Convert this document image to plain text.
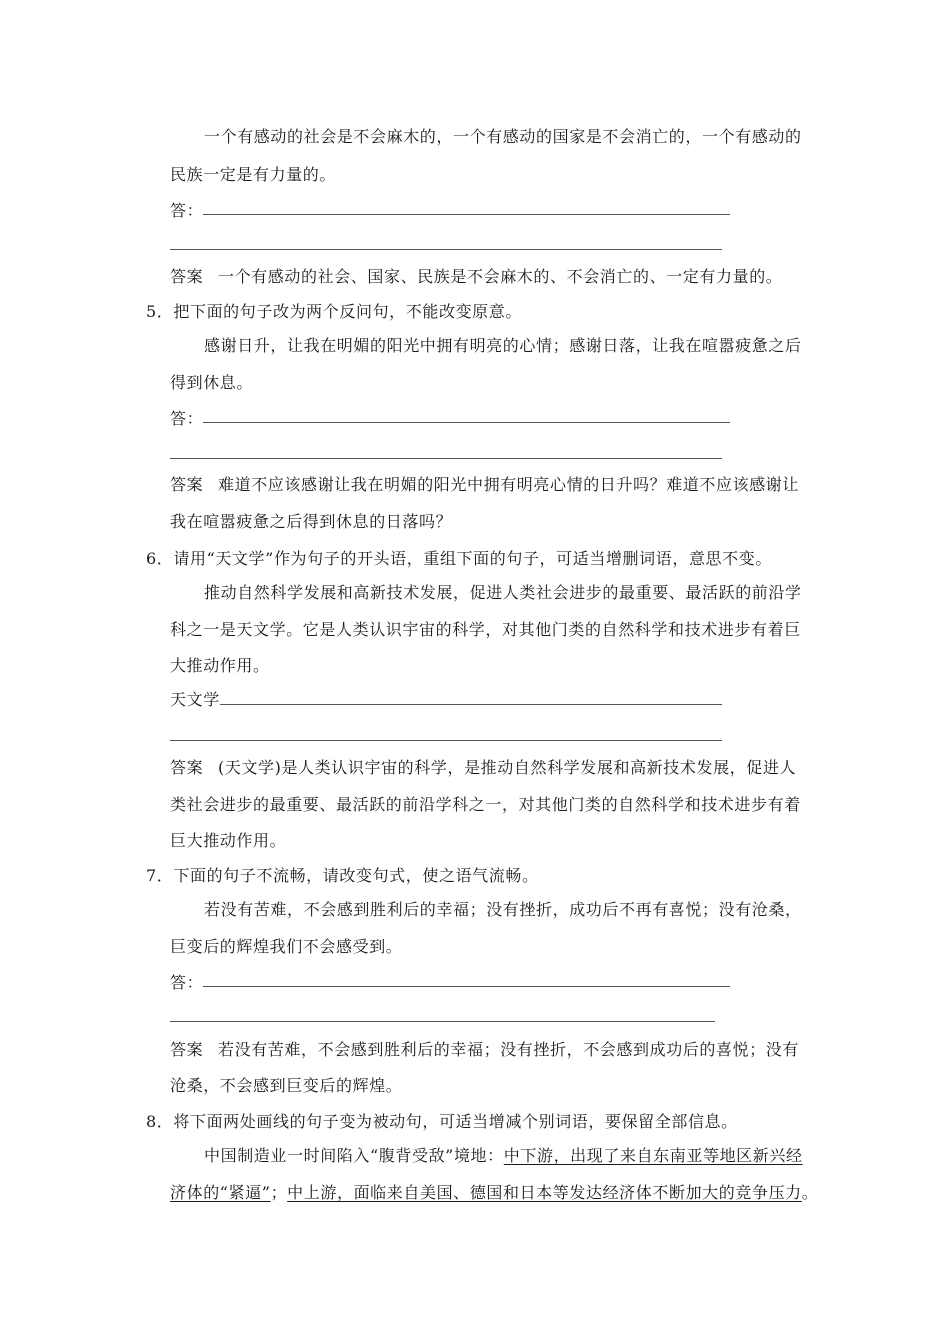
一个有感动的社会是不会麻木的，一个有感动的国家是不会消亡的，一个有感动的
民族一定是有力量的。
答：
答案 一个有感动的社会、国家、民族是不会麻木的、不会消亡的、一定有力量的。
5．把下面的句子改为两个反问句，不能改变原意。
感谢日升，让我在明媚的阳光中拥有明亮的心情；感谢日落，让我在喧嚣疲惫之后
得到休息。
答：
答案 难道不应该感谢让我在明媚的阳光中拥有明亮心情的日升吗？难道不应该感谢让
我在喧嚣疲惫之后得到休息的日落吗？
6．请用“天文学”作为句子的开头语，重组下面的句子，可适当增删词语，意思不变。
推动自然科学发展和高新技术发展，促进人类社会进步的最重要、最活跃的前沿学
科之一是天文学。它是人类认识宇宙的科学，对其他门类的自然科学和技术进步有着巨
大推动作用。
天文学
答案 (天文学)是人类认识宇宙的科学，是推动自然科学发展和高新技术发展，促进人
类社会进步的最重要、最活跃的前沿学科之一，对其他门类的自然科学和技术进步有着
巨大推动作用。
7．下面的句子不流畅，请改变句式，使之语气流畅。
若没有苦难，不会感到胜利后的幸福；没有挫折，成功后不再有喜悦；没有沧桑，
巨变后的辉煌我们不会感受到。
答：
答案 若没有苦难，不会感到胜利后的幸福；没有挫折，不会感到成功后的喜悦；没有
沧桑，不会感到巨变后的辉煌。
8．将下面两处画线的句子变为被动句，可适当增减个别词语，要保留全部信息。
中国制造业一时间陷入“腹背受敌”境地：中下游，出现了来自东南亚等地区新兴经
济体的“紧逼”；中上游，面临来自美国、德国和日本等发达经济体不断加大的竞争压力。
